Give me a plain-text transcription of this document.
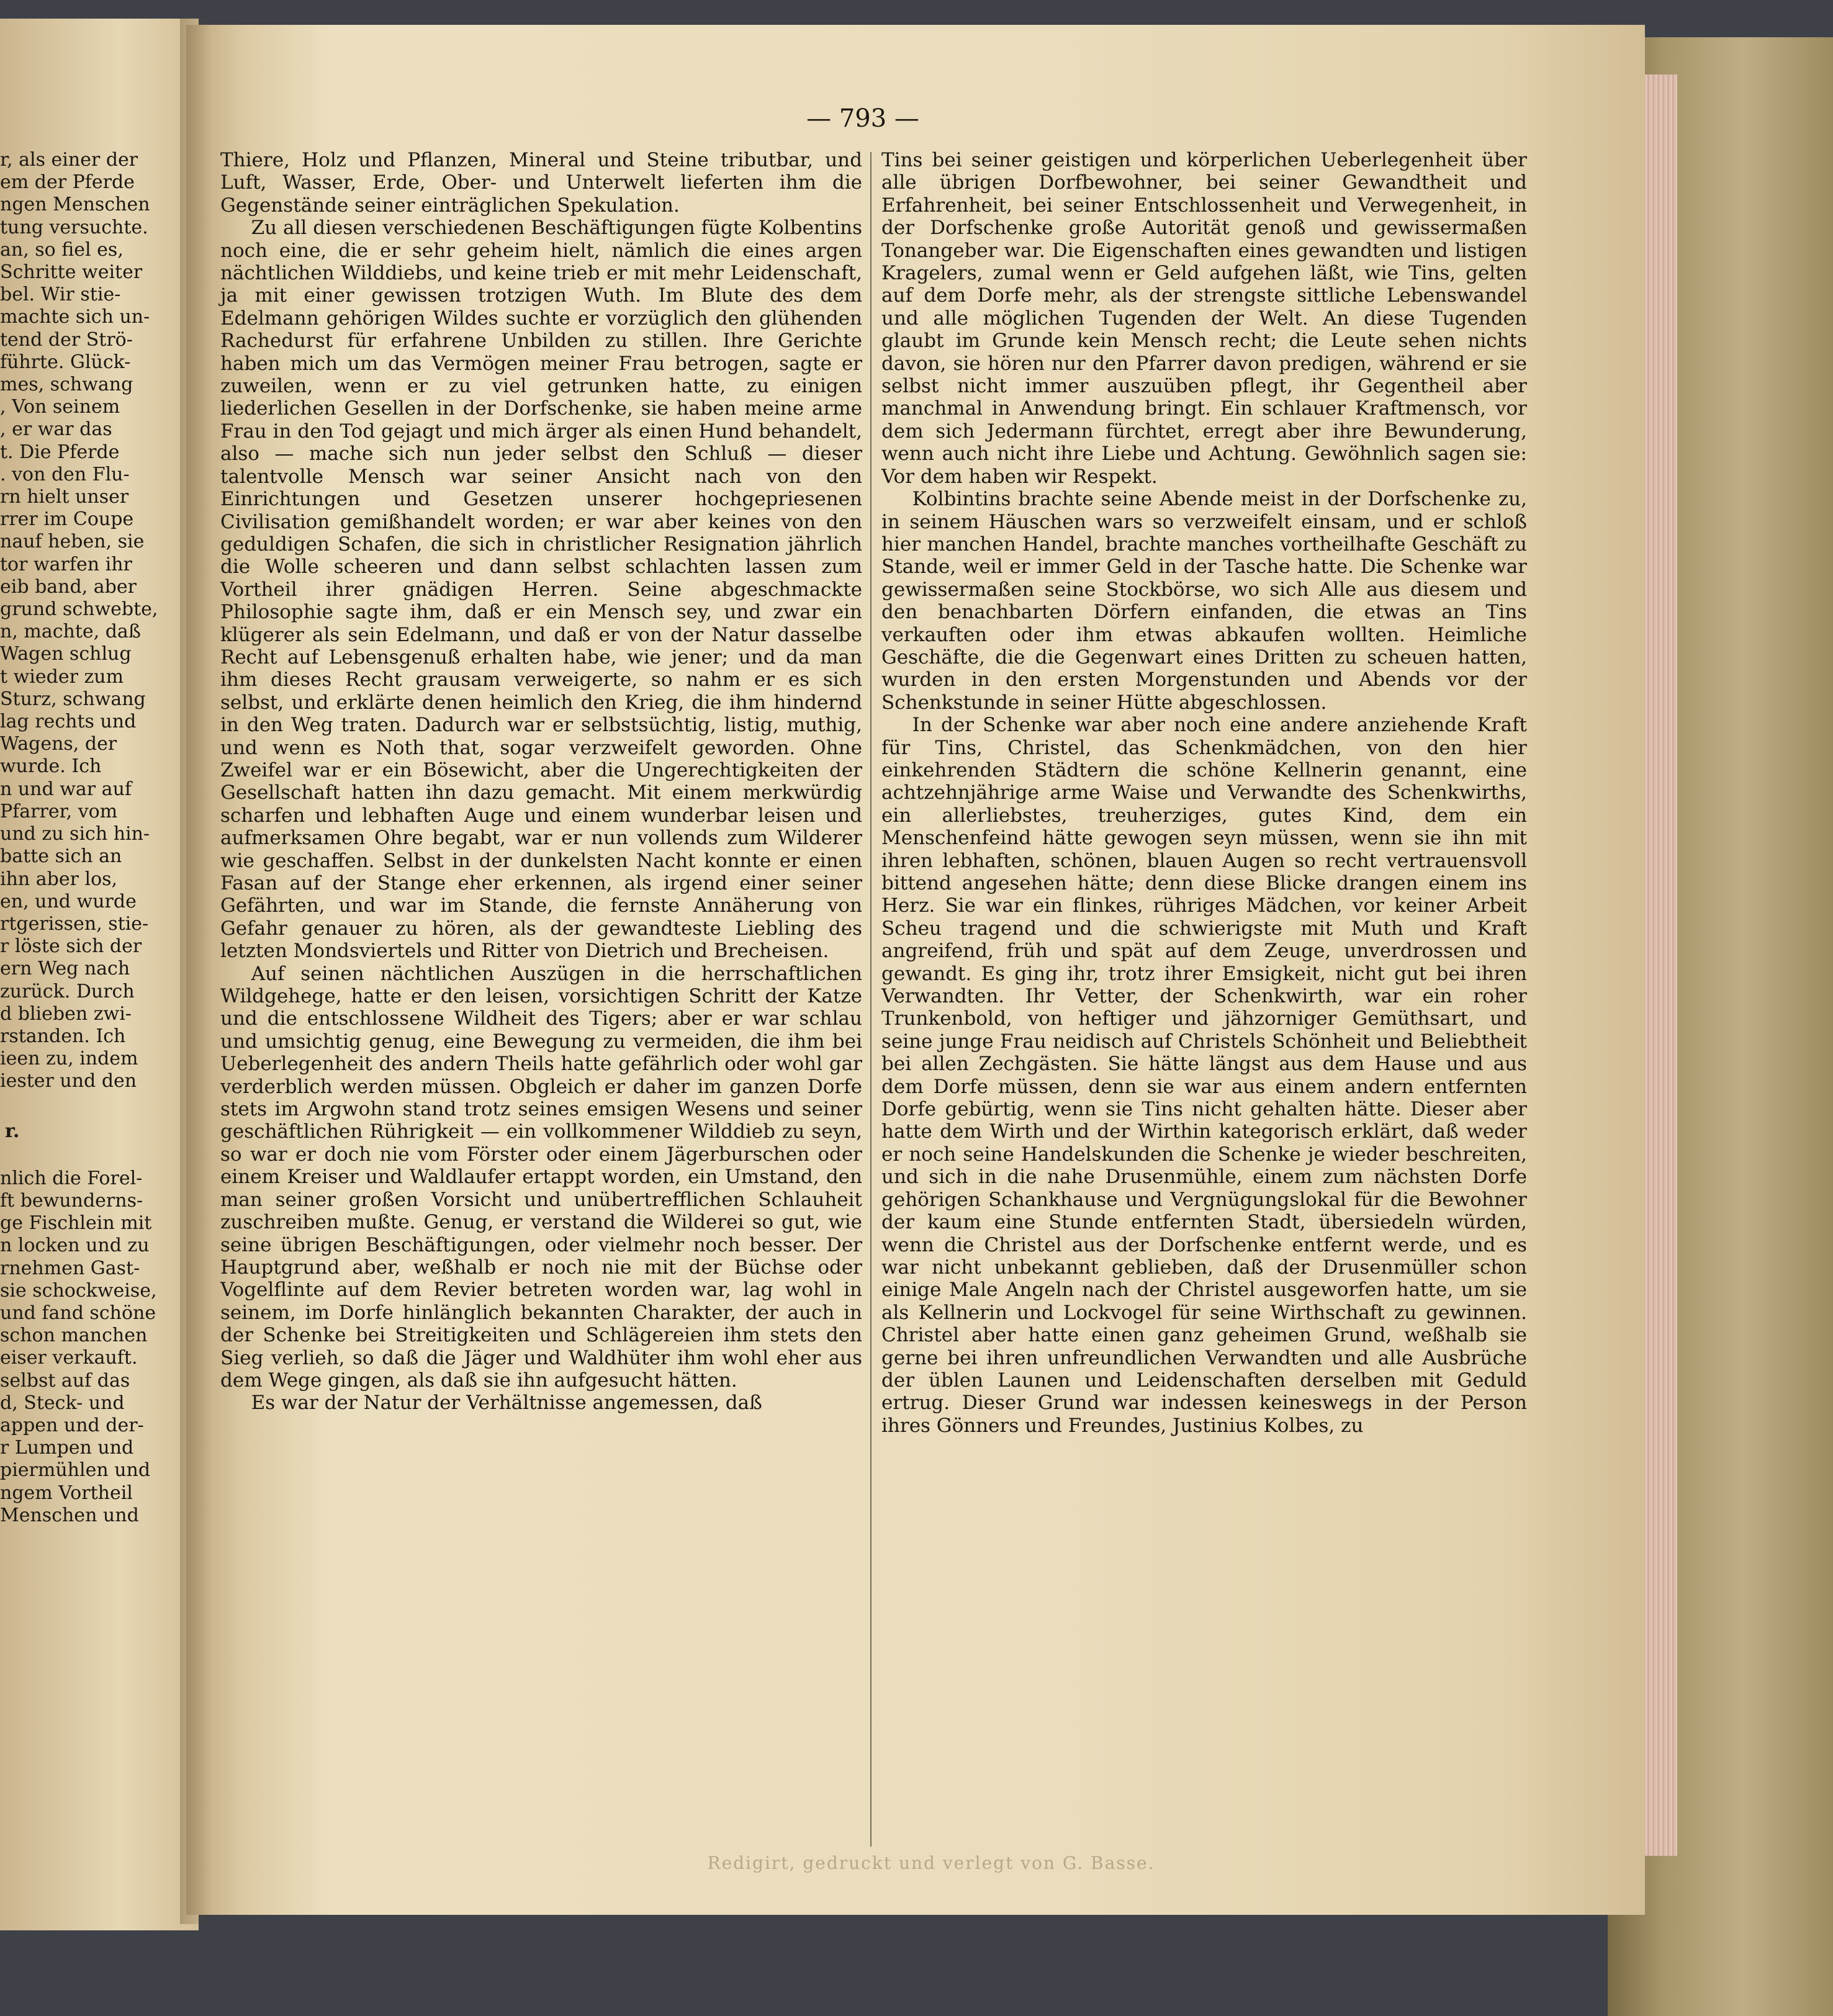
— 793 —

r, als einer der

em der Pferde

ngen Menschen

tung versuchte.

an, so fiel es,

Schritte weiter

bel. Wir stie-

machte sich un-

tend der Strö-

führte. Glück-

mes, schwang

, Von seinem

, er war das

t. Die Pferde

. von den Flu-

rn hielt unser

rrer im Coupe

nauf heben, sie

tor warfen ihr

eib band, aber

grund schwebte,

n, machte, daß

Wagen schlug

t wieder zum

Sturz, schwang

lag rechts und

Wagens, der

wurde. Ich

n und war auf

Pfarrer, vom

und zu sich hin-

batte sich an

ihn aber los,

en, und wurde

rtgerissen, stie-

r löste sich der

ern Weg nach

zurück. Durch

d blieben zwi-

rstanden. Ich

ieen zu, indem

iester und den

r.

nlich die Forel-

ft bewunderns-

ge Fischlein mit

n locken und zu

rnehmen Gast-

sie schockweise,

und fand schöne

schon manchen

eiser verkauft.

selbst auf das

d, Steck- und

appen und der-

r Lumpen und

piermühlen und

ngem Vortheil

Menschen und

Thiere, Holz und Pflanzen, Mineral und Steine tributbar, und Luft, Wasser, Erde, Ober- und Unterwelt lieferten ihm die Gegenstände seiner einträglichen Spekulation.

Zu all diesen verschiedenen Beschäftigungen fügte Kolbentins noch eine, die er sehr geheim hielt, nämlich die eines argen nächtlichen Wilddiebs, und keine trieb er mit mehr Leidenschaft, ja mit einer gewissen trotzigen Wuth. Im Blute des dem Edelmann gehörigen Wildes suchte er vorzüglich den glühenden Rachedurst für erfahrene Unbilden zu stillen. Ihre Gerichte haben mich um das Vermögen meiner Frau betrogen, sagte er zuweilen, wenn er zu viel getrunken hatte, zu einigen liederlichen Gesellen in der Dorfschenke, sie haben meine arme Frau in den Tod gejagt und mich ärger als einen Hund behandelt, also — mache sich nun jeder selbst den Schluß — dieser talentvolle Mensch war seiner Ansicht nach von den Einrichtungen und Gesetzen unserer hochgepriesenen Civilisation gemißhandelt worden; er war aber keines von den geduldigen Schafen, die sich in christlicher Resignation jährlich die Wolle scheeren und dann selbst schlachten lassen zum Vortheil ihrer gnädigen Herren. Seine abgeschmackte Philosophie sagte ihm, daß er ein Mensch sey, und zwar ein klügerer als sein Edelmann, und daß er von der Natur dasselbe Recht auf Lebensgenuß erhalten habe, wie jener; und da man ihm dieses Recht grausam verweigerte, so nahm er es sich selbst, und erklärte denen heimlich den Krieg, die ihm hindernd in den Weg traten. Dadurch war er selbstsüchtig, listig, muthig, und wenn es Noth that, sogar verzweifelt geworden. Ohne Zweifel war er ein Bösewicht, aber die Ungerechtigkeiten der Gesellschaft hatten ihn dazu gemacht. Mit einem merkwürdig scharfen und lebhaften Auge und einem wunderbar leisen und aufmerksamen Ohre begabt, war er nun vollends zum Wilderer wie geschaffen. Selbst in der dunkelsten Nacht konnte er einen Fasan auf der Stange eher erkennen, als irgend einer seiner Gefährten, und war im Stande, die fernste Annäherung von Gefahr genauer zu hören, als der gewandteste Liebling des letzten Mondsviertels und Ritter von Dietrich und Brecheisen.

Auf seinen nächtlichen Auszügen in die herrschaftlichen Wildgehege, hatte er den leisen, vorsichtigen Schritt der Katze und die entschlossene Wildheit des Tigers; aber er war schlau und umsichtig genug, eine Bewegung zu vermeiden, die ihm bei Ueberlegenheit des andern Theils hatte gefährlich oder wohl gar verderblich werden müssen. Obgleich er daher im ganzen Dorfe stets im Argwohn stand trotz seines emsigen Wesens und seiner geschäftlichen Rührigkeit — ein vollkommener Wilddieb zu seyn, so war er doch nie vom Förster oder einem Jägerburschen oder einem Kreiser und Waldlaufer ertappt worden, ein Umstand, den man seiner großen Vorsicht und unübertrefflichen Schlauheit zuschreiben mußte. Genug, er verstand die Wilderei so gut, wie seine übrigen Beschäftigungen, oder vielmehr noch besser. Der Hauptgrund aber, weßhalb er noch nie mit der Büchse oder Vogelflinte auf dem Revier betreten worden war, lag wohl in seinem, im Dorfe hinlänglich bekannten Charakter, der auch in der Schenke bei Streitigkeiten und Schlägereien ihm stets den Sieg verlieh, so daß die Jäger und Waldhüter ihm wohl eher aus dem Wege gingen, als daß sie ihn aufgesucht hätten.

Es war der Natur der Verhältnisse angemessen, daß

Tins bei seiner geistigen und körperlichen Ueberlegenheit über alle übrigen Dorfbewohner, bei seiner Gewandtheit und Erfahrenheit, bei seiner Entschlossenheit und Verwegenheit, in der Dorfschenke große Autorität genoß und gewissermaßen Tonangeber war. Die Eigenschaften eines gewandten und listigen Kragelers, zumal wenn er Geld aufgehen läßt, wie Tins, gelten auf dem Dorfe mehr, als der strengste sittliche Lebenswandel und alle möglichen Tugenden der Welt. An diese Tugenden glaubt im Grunde kein Mensch recht; die Leute sehen nichts davon, sie hören nur den Pfarrer davon predigen, während er sie selbst nicht immer auszuüben pflegt, ihr Gegentheil aber manchmal in Anwendung bringt. Ein schlauer Kraftmensch, vor dem sich Jedermann fürchtet, erregt aber ihre Bewunderung, wenn auch nicht ihre Liebe und Achtung. Gewöhnlich sagen sie: Vor dem haben wir Respekt.

Kolbintins brachte seine Abende meist in der Dorfschenke zu, in seinem Häuschen wars so verzweifelt einsam, und er schloß hier manchen Handel, brachte manches vortheilhafte Geschäft zu Stande, weil er immer Geld in der Tasche hatte. Die Schenke war gewissermaßen seine Stockbörse, wo sich Alle aus diesem und den benachbarten Dörfern einfanden, die etwas an Tins verkauften oder ihm etwas abkaufen wollten. Heimliche Geschäfte, die die Gegenwart eines Dritten zu scheuen hatten, wurden in den ersten Morgenstunden und Abends vor der Schenkstunde in seiner Hütte abgeschlossen.

In der Schenke war aber noch eine andere anziehende Kraft für Tins, Christel, das Schenkmädchen, von den hier einkehrenden Städtern die schöne Kellnerin genannt, eine achtzehnjährige arme Waise und Verwandte des Schenkwirths, ein allerliebstes, treuherziges, gutes Kind, dem ein Menschenfeind hätte gewogen seyn müssen, wenn sie ihn mit ihren lebhaften, schönen, blauen Augen so recht vertrauensvoll bittend angesehen hätte; denn diese Blicke drangen einem ins Herz. Sie war ein flinkes, rühriges Mädchen, vor keiner Arbeit Scheu tragend und die schwierigste mit Muth und Kraft angreifend, früh und spät auf dem Zeuge, unverdrossen und gewandt. Es ging ihr, trotz ihrer Emsigkeit, nicht gut bei ihren Verwandten. Ihr Vetter, der Schenkwirth, war ein roher Trunkenbold, von heftiger und jähzorniger Gemüthsart, und seine junge Frau neidisch auf Christels Schönheit und Beliebtheit bei allen Zechgästen. Sie hätte längst aus dem Hause und aus dem Dorfe müssen, denn sie war aus einem andern entfernten Dorfe gebürtig, wenn sie Tins nicht gehalten hätte. Dieser aber hatte dem Wirth und der Wirthin kategorisch erklärt, daß weder er noch seine Handelskunden die Schenke je wieder beschreiten, und sich in die nahe Drusenmühle, einem zum nächsten Dorfe gehörigen Schankhause und Vergnügungslokal für die Bewohner der kaum eine Stunde entfernten Stadt, übersiedeln würden, wenn die Christel aus der Dorfschenke entfernt werde, und es war nicht unbekannt geblieben, daß der Drusenmüller schon einige Male Angeln nach der Christel ausgeworfen hatte, um sie als Kellnerin und Lockvogel für seine Wirthschaft zu gewinnen. Christel aber hatte einen ganz geheimen Grund, weßhalb sie gerne bei ihren unfreundlichen Verwandten und alle Ausbrüche der üblen Launen und Leidenschaften derselben mit Geduld ertrug. Dieser Grund war indessen keineswegs in der Person ihres Gönners und Freundes, Justinius Kolbes, zu

Redigirt, gedruckt und verlegt von G. Basse.
